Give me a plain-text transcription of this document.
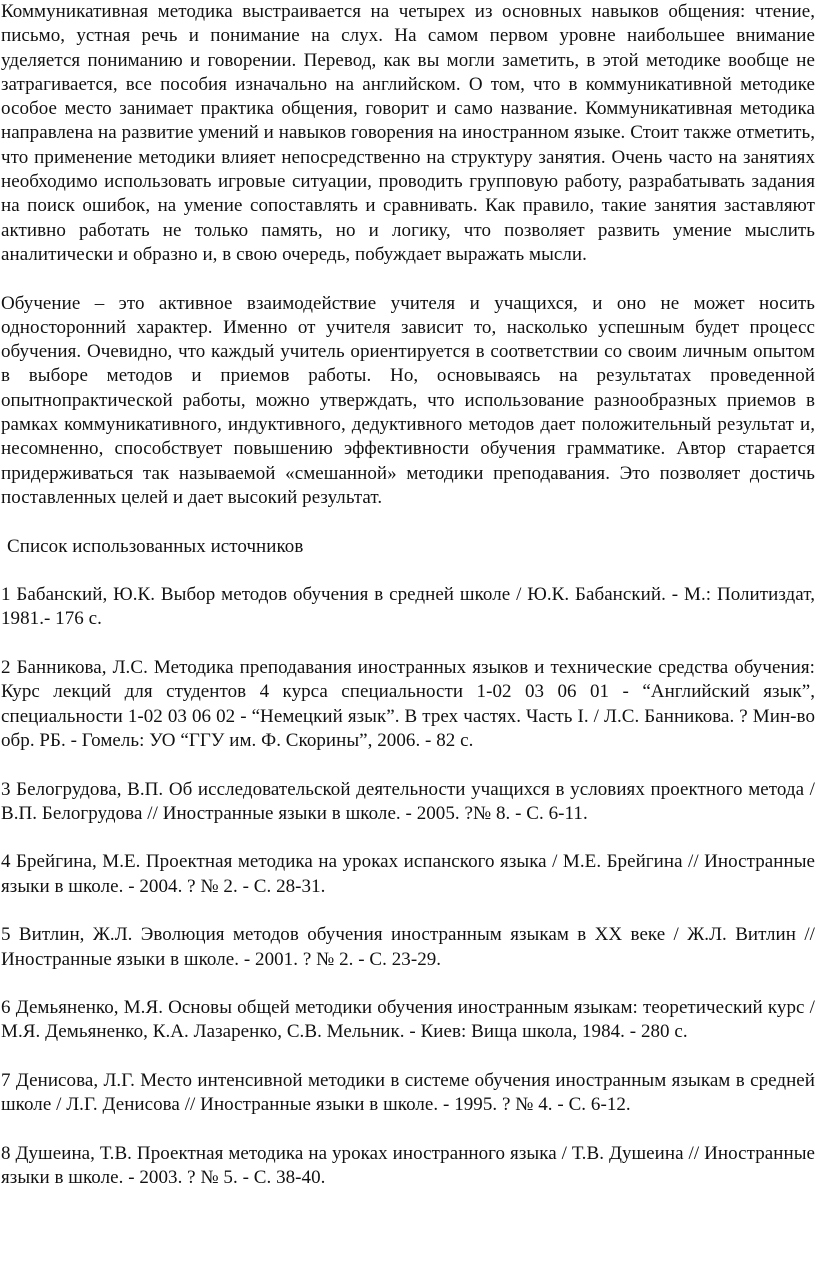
Коммуникативная методика выстраивается на четырех из основных навыков общения: чтение, письмо, устная речь и понимание на слух. На самом первом уровне наибольшее внимание уделяется пониманию и говорении. Перевод, как вы могли заметить, в этой методике вообще не затрагивается, все пособия изначально на английском. О том, что в коммуникативной методике особое место занимает практика общения, говорит и само название. Коммуникативная методика направлена на развитие умений и навыков говорения на иностранном языке. Стоит также отметить, что применение методики влияет непосредственно на структуру занятия. Очень часто на занятиях необходимо использовать игровые ситуации, проводить групповую работу, разрабатывать задания на поиск ошибок, на умение сопоставлять и сравнивать. Как правило, такие занятия заставляют активно работать не только память, но и логику, что позволяет развить умение мыслить аналитически и образно и, в свою очередь, побуждает выражать мысли.

Обучение – это активное взаимодействие учителя и учащихся, и оно не может носить односторонний характер. Именно от учителя зависит то, насколько успешным будет процесс обучения. Очевидно, что каждый учитель ориентируется в соответствии со своим личным опытом в выборе методов и приемов работы. Но, основываясь на результатах проведенной опытнопрактической работы, можно утверждать, что использование разнообразных приемов в рамках коммуникативного, индуктивного, дедуктивного методов дает положительный результат и, несомненно, способствует повышению эффективности обучения грамматике. Автор старается придерживаться так называемой «смешанной» методики преподавания. Это позволяет достичь поставленных целей и дает высокий результат.

Список использованных источников

1 Бабанский, Ю.К. Выбор методов обучения в средней школе / Ю.К. Бабанский. - М.: Политиздат, 1981.- 176 с.

2 Банникова, Л.С. Методика преподавания иностранных языков и технические средства обучения: Курс лекций для студентов 4 курса специальности 1-02 03 06 01 - “Английский язык”, специальности 1-02 03 06 02 - “Немецкий язык”. В трех частях. Часть I. / Л.С. Банникова. ? Мин-во обр. РБ. - Гомель: УО “ГГУ им. Ф. Скорины”, 2006. - 82 с.

3 Белогрудова, В.П. Об исследовательской деятельности учащихся в условиях проектного метода / В.П. Белогрудова // Иностранные языки в школе. - 2005. ?№ 8. - С. 6-11.

4 Брейгина, М.Е. Проектная методика на уроках испанского языка / М.Е. Брейгина // Иностранные языки в школе. - 2004. ? № 2. - С. 28-31.

5 Витлин, Ж.Л. Эволюция методов обучения иностранным языкам в XX веке / Ж.Л. Витлин // Иностранные языки в школе. - 2001. ? № 2. - С. 23-29.

6 Демьяненко, М.Я. Основы общей методики обучения иностранным языкам: теоретический курс / М.Я. Демьяненко, К.А. Лазаренко, С.В. Мельник. - Киев: Вища школа, 1984. - 280 с.

7 Денисова, Л.Г. Место интенсивной методики в системе обучения иностранным языкам в средней школе / Л.Г. Денисова // Иностранные языки в школе. - 1995. ? № 4. - С. 6-12.

8 Душеина, Т.В. Проектная методика на уроках иностранного языка / Т.В. Душеина // Иностранные языки в школе. - 2003. ? № 5. - С. 38-40.
